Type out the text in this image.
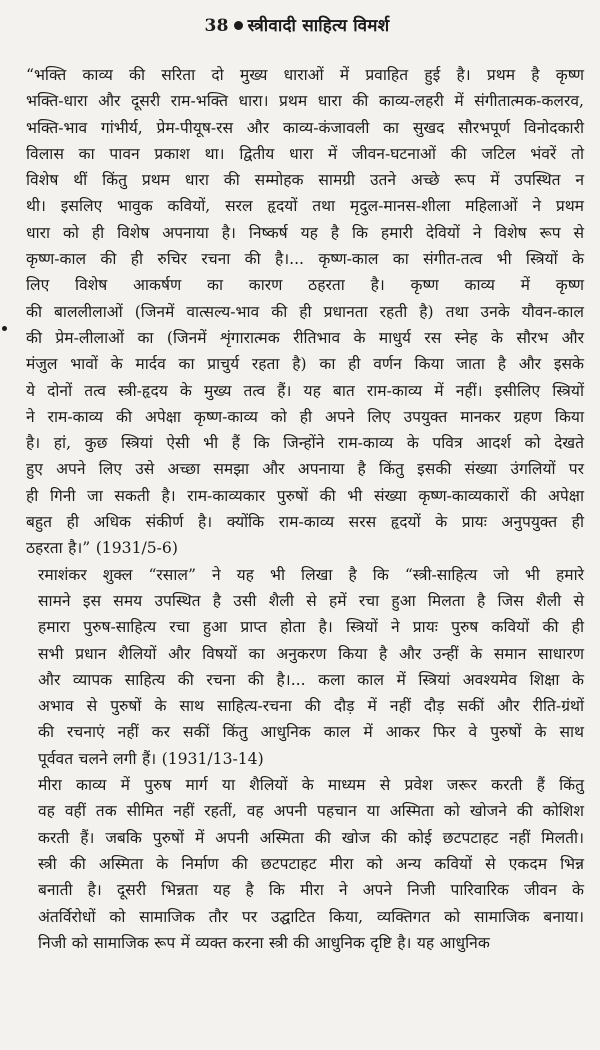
38 स्त्रीवादी साहित्य विमर्श
“भक्ति काव्य की सरिता दो मुख्य धाराओं में प्रवाहित हुई है। प्रथम है कृष्ण
भक्ति-धारा और दूसरी राम-भक्ति धारा। प्रथम धारा की काव्य-लहरी में संगीतात्मक-कलरव,
भक्ति-भाव गांभीर्य, प्रेम-पीयूष-रस और काव्य-कंजावली का सुखद सौरभपूर्ण विनोदकारी
विलास का पावन प्रकाश था। द्वितीय धारा में जीवन-घटनाओं की जटिल भंवरें तो
विशेष थीं किंतु प्रथम धारा की सम्मोहक सामग्री उतने अच्छे रूप में उपस्थित न
थी। इसलिए भावुक कवियों, सरल हृदयों तथा मृदुल-मानस-शीला महिलाओं ने प्रथम
धारा को ही विशेष अपनाया है। निष्कर्ष यह है कि हमारी देवियों ने विशेष रूप से
कृष्ण-काल की ही रुचिर रचना की है।... कृष्ण-काल का संगीत-तत्व भी स्त्रियों के
लिए विशेष आकर्षण का कारण ठहरता है। कृष्ण काव्य में कृष्ण
की बाललीलाओं (जिनमें वात्सल्य-भाव की ही प्रधानता रहती है) तथा उनके यौवन-काल
की प्रेम-लीलाओं का (जिनमें शृंगारात्मक रीतिभाव के माधुर्य रस स्नेह के सौरभ और
मंजुल भावों के मार्दव का प्राचुर्य रहता है) का ही वर्णन किया जाता है और इसके
ये दोनों तत्व स्त्री-हृदय के मुख्य तत्व हैं। यह बात राम-काव्य में नहीं। इसीलिए स्त्रियों
ने राम-काव्य की अपेक्षा कृष्ण-काव्य को ही अपने लिए उपयुक्त मानकर ग्रहण किया
है। हां, कुछ स्त्रियां ऐसी भी हैं कि जिन्होंने राम-काव्य के पवित्र आदर्श को देखते
हुए अपने लिए उसे अच्छा समझा और अपनाया है किंतु इसकी संख्या उंगलियों पर
ही गिनी जा सकती है। राम-काव्यकार पुरुषों की भी संख्या कृष्ण-काव्यकारों की अपेक्षा
बहुत ही अधिक संकीर्ण है। क्योंकि राम-काव्य सरस हृदयों के प्रायः अनुपयुक्त ही
ठहरता है।” (1931/5-6)
रमाशंकर शुक्ल “रसाल” ने यह भी लिखा है कि “स्त्री-साहित्य जो भी हमारे
सामने इस समय उपस्थित है उसी शैली से हमें रचा हुआ मिलता है जिस शैली से
हमारा पुरुष-साहित्य रचा हुआ प्राप्त होता है। स्त्रियों ने प्रायः पुरुष कवियों की ही
सभी प्रधान शैलियों और विषयों का अनुकरण किया है और उन्हीं के समान साधारण
और व्यापक साहित्य की रचना की है।... कला काल में स्त्रियां अवश्यमेव शिक्षा के
अभाव से पुरुषों के साथ साहित्य-रचना की दौड़ में नहीं दौड़ सकीं और रीति-ग्रंथों
की रचनाएं नहीं कर सकीं किंतु आधुनिक काल में आकर फिर वे पुरुषों के साथ
पूर्ववत चलने लगी हैं। (1931/13-14)
मीरा काव्य में पुरुष मार्ग या शैलियों के माध्यम से प्रवेश जरूर करती हैं किंतु
वह वहीं तक सीमित नहीं रहतीं, वह अपनी पहचान या अस्मिता को खोजने की कोशिश
करती हैं। जबकि पुरुषों में अपनी अस्मिता की खोज की कोई छटपटाहट नहीं मिलती।
स्त्री की अस्मिता के निर्माण की छटपटाहट मीरा को अन्य कवियों से एकदम भिन्न
बनाती है। दूसरी भिन्नता यह है कि मीरा ने अपने निजी पारिवारिक जीवन के
अंतर्विरोधों को सामाजिक तौर पर उद्घाटित किया, व्यक्तिगत को सामाजिक बनाया।
निजी को सामाजिक रूप में व्यक्त करना स्त्री की आधुनिक दृष्टि है। यह आधुनिक
